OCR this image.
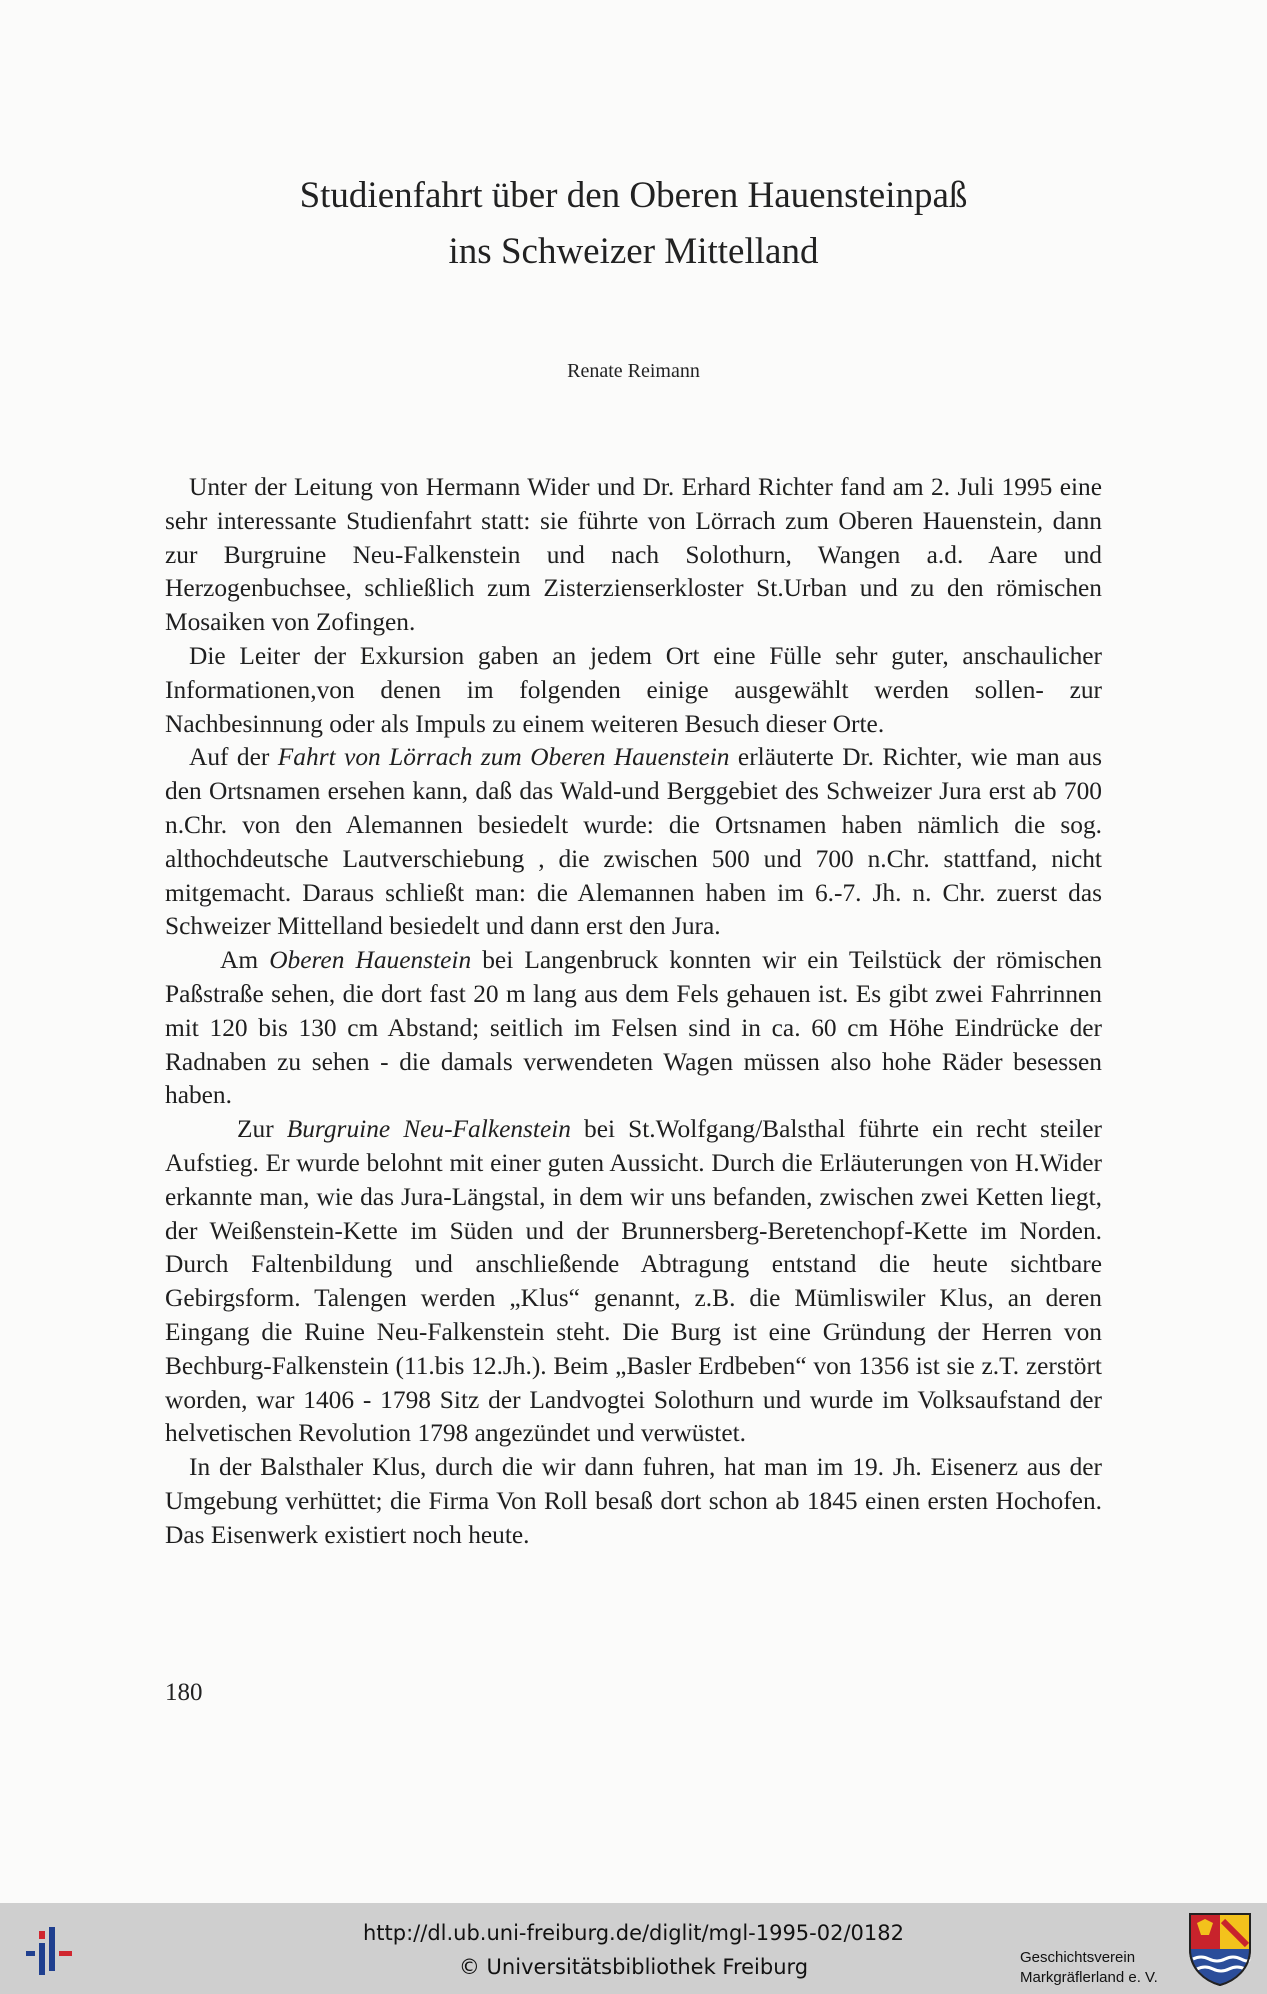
Studienfahrt über den Oberen Hauensteinpaß
ins Schweizer Mittelland
Renate Reimann

Unter der Leitung von Hermann Wider und Dr. Erhard Richter fand am 2. Juli 1995 eine sehr interessante Studienfahrt statt: sie führte von Lörrach zum Oberen Hauenstein, dann zur Burgruine Neu-Falkenstein und nach Solothurn, Wangen a.d. Aare und Herzogenbuchsee, schließlich zum Zisterzienserkloster St.Urban und zu den römischen Mosaiken von Zofingen.

Die Leiter der Exkursion gaben an jedem Ort eine Fülle sehr guter, anschaulicher Informationen,von denen im folgenden einige ausgewählt werden sollen- zur Nachbesinnung oder als Impuls zu einem weiteren Besuch dieser Orte.

Auf der Fahrt von Lörrach zum Oberen Hauenstein erläuterte Dr. Richter, wie man aus den Ortsnamen ersehen kann, daß das Wald-und Berggebiet des Schweizer Jura erst ab 700 n.Chr. von den Alemannen besiedelt wurde: die Ortsnamen haben nämlich die sog. althochdeutsche Lautverschiebung , die zwischen 500 und 700 n.Chr. stattfand, nicht mitgemacht. Daraus schließt man: die Alemannen haben im 6.-7. Jh. n. Chr. zuerst das Schweizer Mittelland besiedelt und dann erst den Jura.

Am Oberen Hauenstein bei Langenbruck konnten wir ein Teilstück der römischen Paßstraße sehen, die dort fast 20 m lang aus dem Fels gehauen ist. Es gibt zwei Fahrrinnen mit 120 bis 130 cm Abstand; seitlich im Felsen sind in ca. 60 cm Höhe Eindrücke der Radnaben zu sehen - die damals verwendeten Wagen müssen also hohe Räder besessen haben.

Zur Burgruine Neu-Falkenstein bei St.Wolfgang/Balsthal führte ein recht steiler Aufstieg. Er wurde belohnt mit einer guten Aussicht. Durch die Erläuterungen von H.Wider erkannte man, wie das Jura-Längstal, in dem wir uns befanden, zwischen zwei Ketten liegt, der Weißenstein-Kette im Süden und der Brunnersberg-Beretenchopf-Kette im Norden. Durch Faltenbildung und anschließende Abtragung entstand die heute sichtbare Gebirgsform. Talengen werden „Klus“ genannt, z.B. die Mümliswiler Klus, an deren Eingang die Ruine Neu-Falkenstein steht. Die Burg ist eine Gründung der Herren von Bechburg-Falkenstein (11.bis 12.Jh.). Beim „Basler Erdbeben“ von 1356 ist sie z.T. zerstört worden, war 1406 - 1798 Sitz der Landvogtei Solothurn und wurde im Volksaufstand der helvetischen Revolution 1798 angezündet und verwüstet.

In der Balsthaler Klus, durch die wir dann fuhren, hat man im 19. Jh. Eisenerz aus der Umgebung verhüttet; die Firma Von Roll besaß dort schon ab 1845 einen ersten Hochofen. Das Eisenwerk existiert noch heute.

180
http://dl.ub.uni-freiburg.de/diglit/mgl-1995-02/0182
© Universitätsbibliothek Freiburg	Geschichtsverein
Markgräflerland e. V.
